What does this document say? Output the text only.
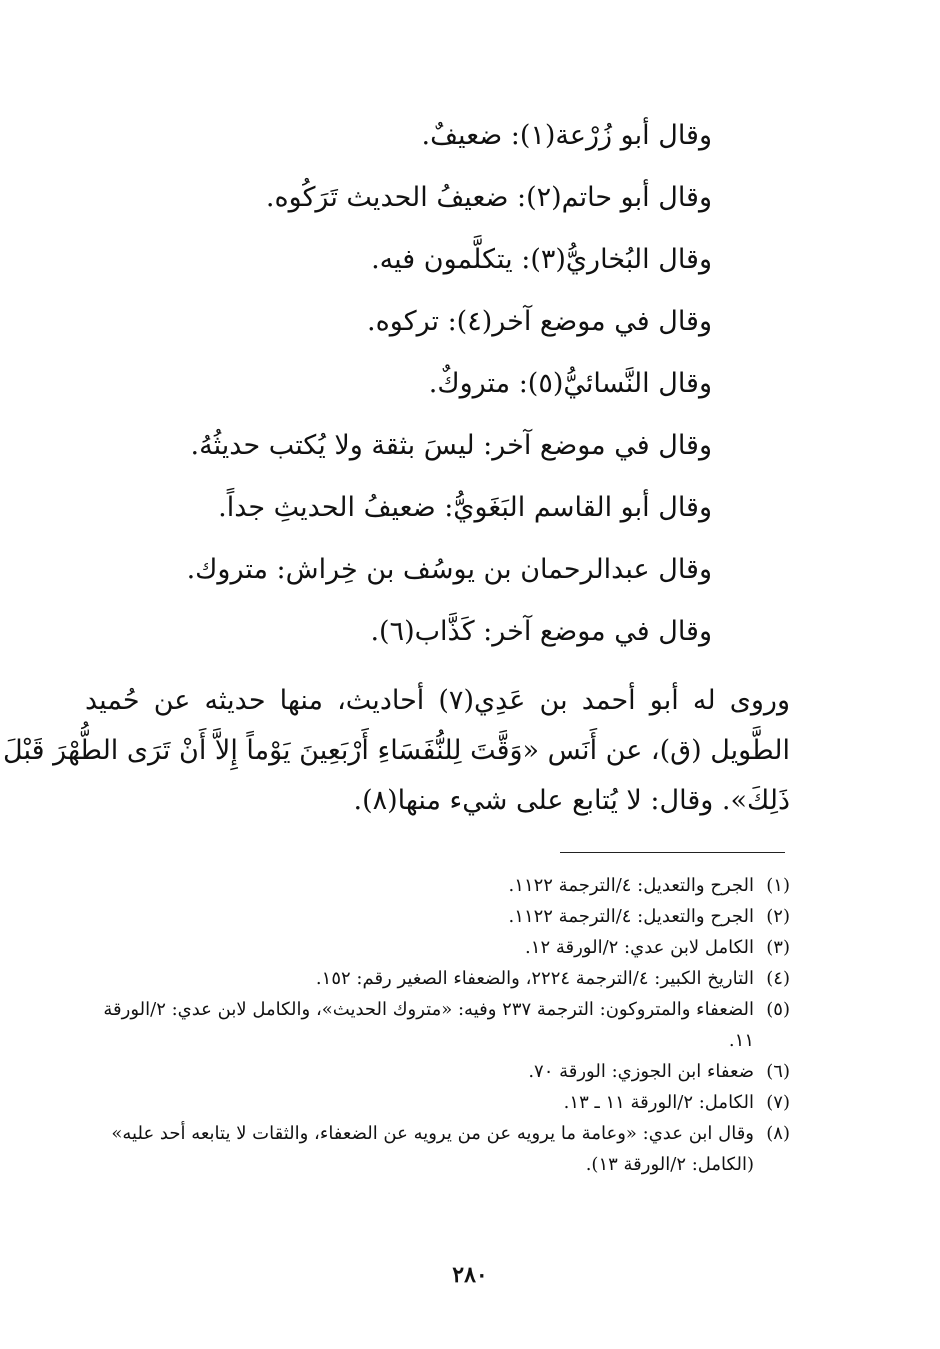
وقال أبو زُرْعة(١): ضعيفٌ.
وقال أبو حاتم(٢): ضعيفُ الحديث تَرَكُوه.
وقال البُخاريُّ(٣): يتكلَّمون فيه.
وقال في موضع آخر(٤): تركوه.
وقال النَّسائيُّ(٥): متروكٌ.
وقال في موضع آخر: ليسَ بثقة ولا يُكتب حديثُهُ.
وقال أبو القاسم البَغَويُّ: ضعيفُ الحديثِ جداً.
وقال عبدالرحمان بن يوسُف بن خِراش: متروك.
وقال في موضع آخر: كَذَّاب(٦).
وروى له أبو أحمد بن عَدِي(٧) أحاديث، منها حديثه عن حُميد
الطَّويل (ق)، عن أَنَس «وَقَّتَ لِلنُّفَسَاءِ أَرْبَعِينَ يَوْماً إِلاَّ أَنْ تَرَى الطُّهْرَ قَبْلَ
ذَلِكَ». وقال: لا يُتابع على شيء منها(٨).
(١)
الجرح والتعديل: ٤/الترجمة ١١٢٢.
(٢)
الجرح والتعديل: ٤/الترجمة ١١٢٢.
(٣)
الكامل لابن عدي: ٢/الورقة ١٢.
(٤)
التاريخ الكبير: ٤/الترجمة ٢٢٢٤، والضعفاء الصغير رقم: ١٥٢.
(٥)
الضعفاء والمتروكون: الترجمة ٢٣٧ وفيه: «متروك الحديث»، والكامل لابن عدي: ٢/الورقة ١١.
(٦)
ضعفاء ابن الجوزي: الورقة ٧٠.
(٧)
الكامل: ٢/الورقة ١١ ـ ١٣.
(٨)
وقال ابن عدي: «وعامة ما يرويه عن من يرويه عن الضعفاء، والثقات لا يتابعه أحد عليه» (الكامل: ٢/الورقة ١٣).
٢٨٠
